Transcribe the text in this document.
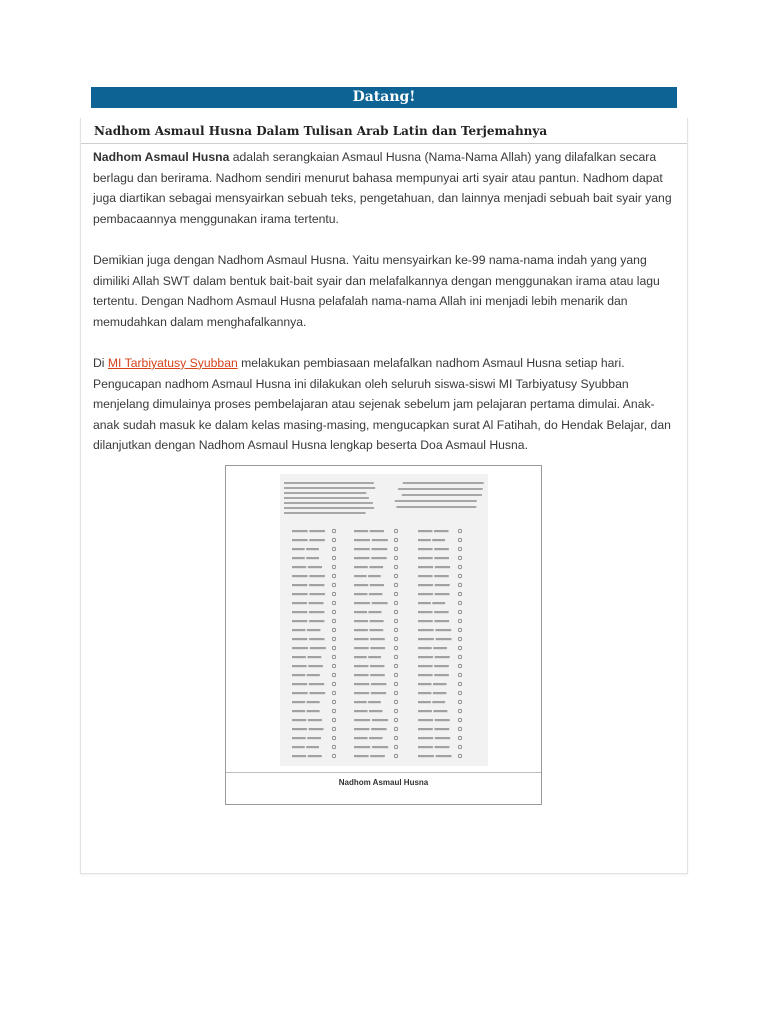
Datang!
Nadhom Asmaul Husna Dalam Tulisan Arab Latin dan Terjemahnya

Nadhom Asmaul Husna adalah serangkaian Asmaul Husna (Nama-Nama Allah) yang dilafalkan secara berlagu dan berirama. Nadhom sendiri menurut bahasa mempunyai arti syair atau pantun. Nadhom dapat juga diartikan sebagai mensyairkan sebuah teks, pengetahuan, dan lainnya menjadi sebuah bait syair yang pembacaannya menggunakan irama tertentu.

Demikian juga dengan Nadhom Asmaul Husna. Yaitu mensyairkan ke-99 nama-nama indah yang yang dimiliki Allah SWT dalam bentuk bait-bait syair dan melafalkannya dengan menggunakan irama atau lagu tertentu. Dengan Nadhom Asmaul Husna pelafalah nama-nama Allah ini menjadi lebih menarik dan memudahkan dalam menghafalkannya.

Di MI Tarbiyatusy Syubban melakukan pembiasaan melafalkan nadhom Asmaul Husna setiap hari. Pengucapan nadhom Asmaul Husna ini dilakukan oleh seluruh siswa-siswi MI Tarbiyatusy Syubban menjelang dimulainya proses pembelajaran atau sejenak sebelum jam pelajaran pertama dimulai. Anak-anak sudah masuk ke dalam kelas masing-masing, mengucapkan surat Al Fatihah, do Hendak Belajar, dan dilanjutkan dengan Nadhom Asmaul Husna lengkap beserta Doa Asmaul Husna.

Nadhom Asmaul Husna
